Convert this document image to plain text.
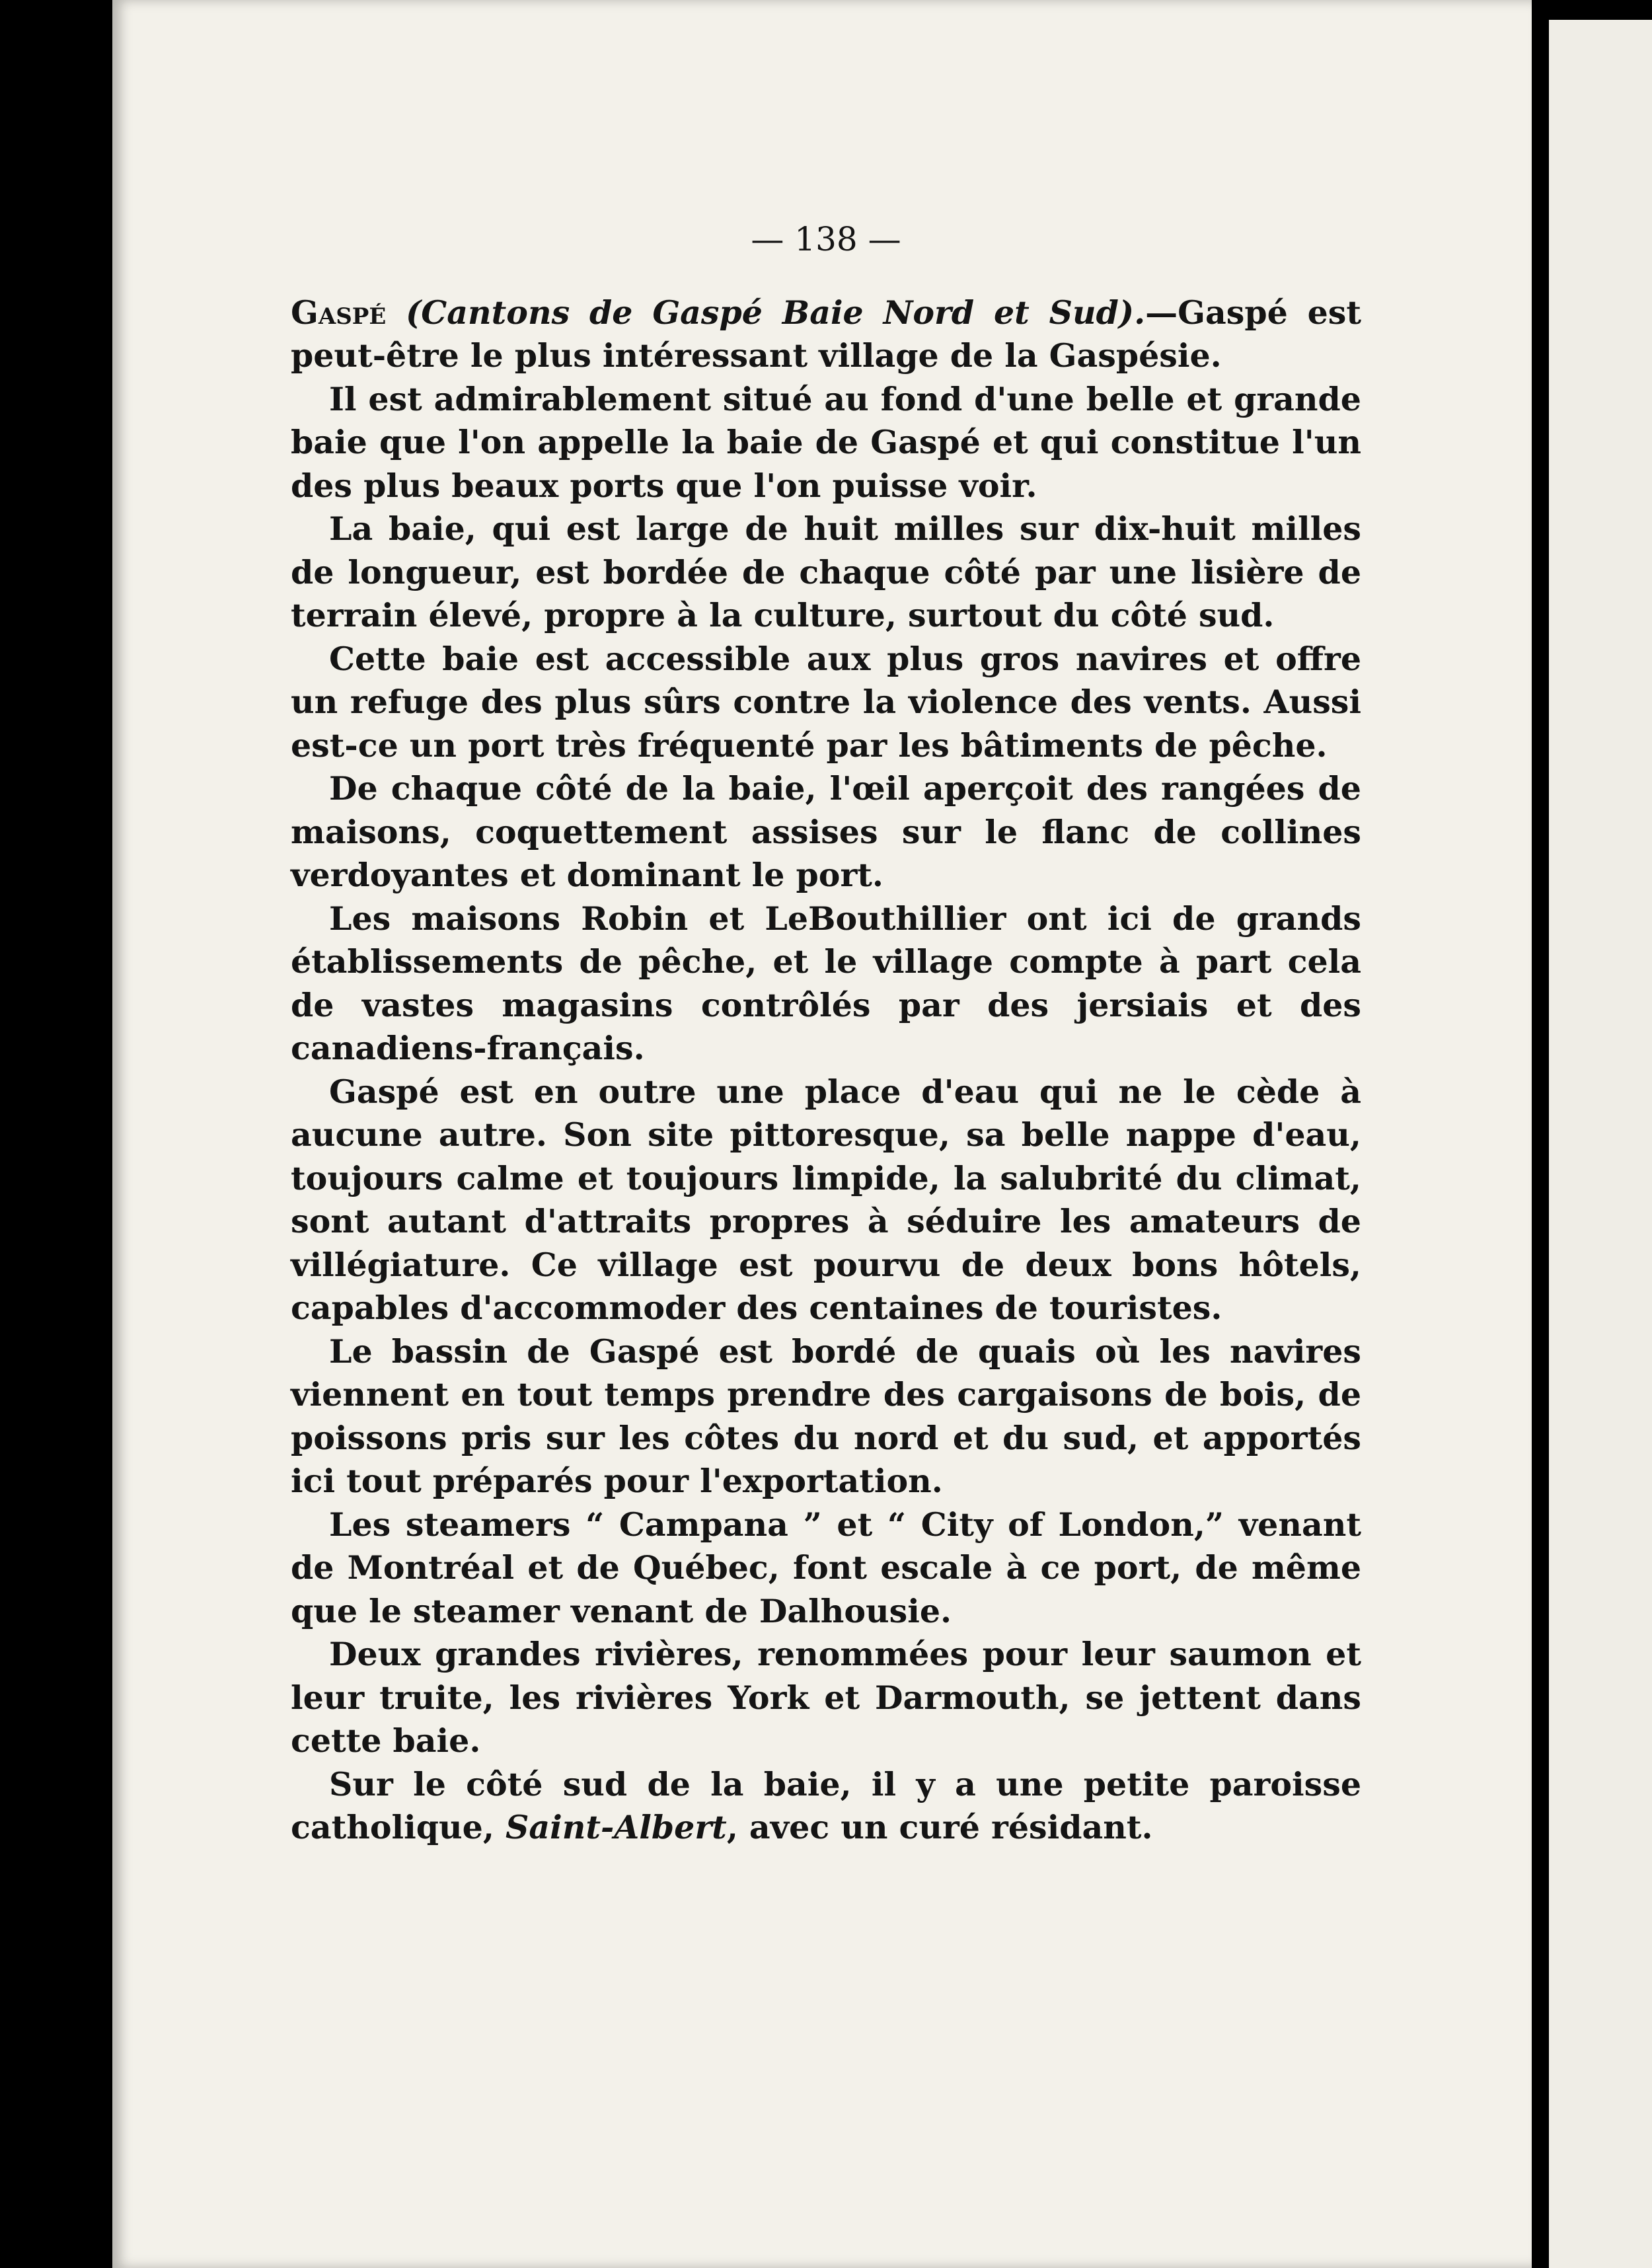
— 138 —

Gaspé (Cantons de Gaspé Baie Nord et Sud).—Gaspé est peut-être le plus intéressant village de la Gaspésie.

Il est admirablement situé au fond d'une belle et grande baie que l'on appelle la baie de Gaspé et qui constitue l'un des plus beaux ports que l'on puisse voir.

La baie, qui est large de huit milles sur dix-huit milles de longueur, est bordée de chaque côté par une lisière de terrain élevé, propre à la culture, surtout du côté sud.

Cette baie est accessible aux plus gros navires et offre un refuge des plus sûrs contre la violence des vents. Aussi est-ce un port très fréquenté par les bâtiments de pêche.

De chaque côté de la baie, l'œil aperçoit des rangées de maisons, coquettement assises sur le flanc de collines verdoyantes et dominant le port.

Les maisons Robin et LeBouthillier ont ici de grands établissements de pêche, et le village compte à part cela de vastes magasins contrôlés par des jersiais et des canadiens-français.

Gaspé est en outre une place d'eau qui ne le cède à aucune autre. Son site pittoresque, sa belle nappe d'eau, toujours calme et toujours limpide, la salubrité du climat, sont autant d'attraits propres à séduire les amateurs de villégiature. Ce village est pourvu de deux bons hôtels, capables d'accommoder des centaines de touristes.

Le bassin de Gaspé est bordé de quais où les navires viennent en tout temps prendre des cargaisons de bois, de poissons pris sur les côtes du nord et du sud, et apportés ici tout préparés pour l'exportation.

Les steamers “ Campana ” et “ City of London,” venant de Montréal et de Québec, font escale à ce port, de même que le steamer venant de Dalhousie.

Deux grandes rivières, renommées pour leur saumon et leur truite, les rivières York et Darmouth, se jettent dans cette baie.

Sur le côté sud de la baie, il y a une petite paroisse catholique, Saint-Albert, avec un curé résidant.
